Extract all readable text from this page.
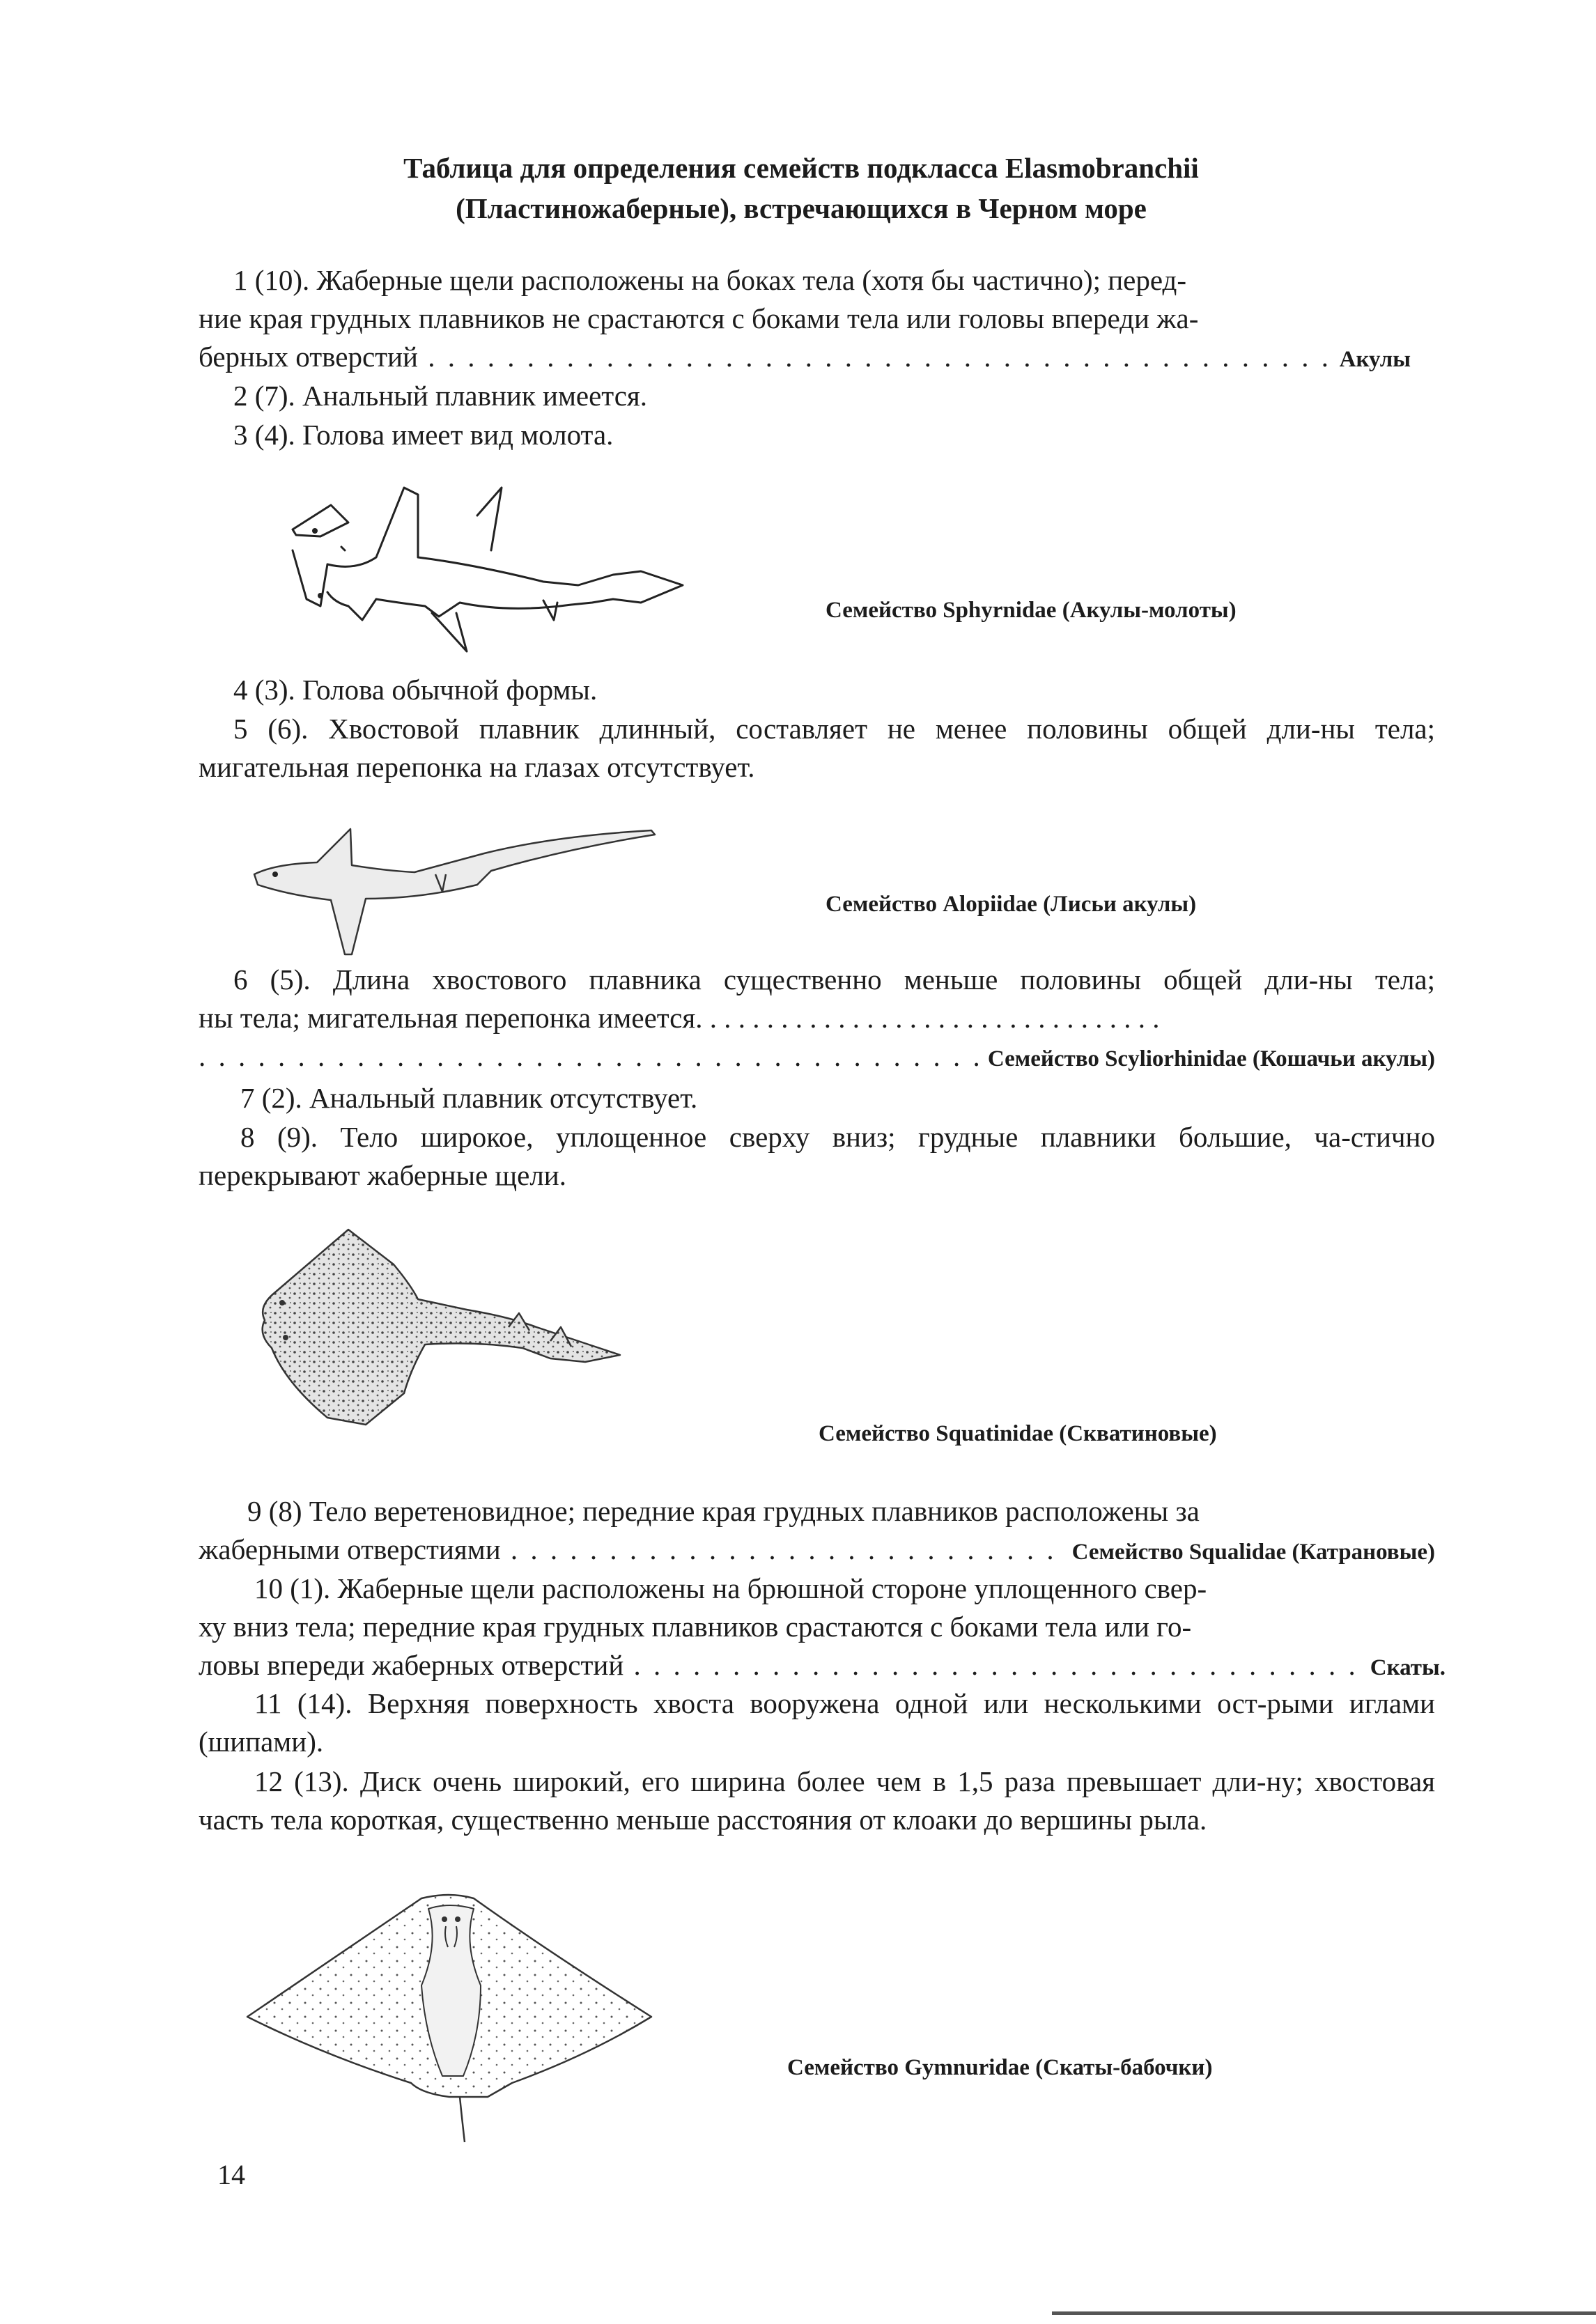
Таблица для определения семейств подкласса Elasmobranchii
(Пластиножаберные), встречающихся в Черном море
1 (10). Жаберные щели расположены на боках тела (хотя бы частично); перед-
ние края грудных плавников не срастаются с боками тела или головы впереди жа-
берных отверстий . . .	Акулы
2 (7). Анальный плавник имеется.
3 (4). Голова имеет вид молота.
Семейство Sphyrnidae (Акулы-молоты)
4 (3). Голова обычной формы.
5 (6). Хвостовой плавник длинный, составляет не менее половины общей дли-ны тела; мигательная перепонка на глазах отсутствует.
Семейство Alopiidae (Лисьи акулы)
6 (5). Длина хвостового плавника существенно меньше половины общей дли-ны тела;
ны тела; мигательная перепонка имеется. . . . . . . . . . . . . . . . . . . . . . . . . . . . . . . . .
. . .
Семейство Scyliorhinidae (Кошачьи акулы)
7 (2). Анальный плавник отсутствует.
8 (9). Тело широкое, уплощенное сверху вниз; грудные плавники большие, ча-стично перекрывают жаберные щели.
Семейство Squatinidae (Скватиновые)
9 (8) Тело веретеновидное; передние края грудных плавников расположены за
жаберными отверстиями . . .	Семейство Squalidae (Катрановые)
10 (1). Жаберные щели расположены на брюшной стороне уплощенного свер-
ху вниз тела; передние края грудных плавников срастаются с боками тела или го-
ловы впереди жаберных отверстий . . .	Скаты.
11 (14). Верхняя поверхность хвоста вооружена одной или несколькими ост-рыми иглами (шипами).
12 (13). Диск очень широкий, его ширина более чем в 1,5 раза превышает дли-ну; хвостовая часть тела короткая, существенно меньше расстояния от клоаки до вершины рыла.
Семейство Gymnuridae (Скаты-бабочки)
14
